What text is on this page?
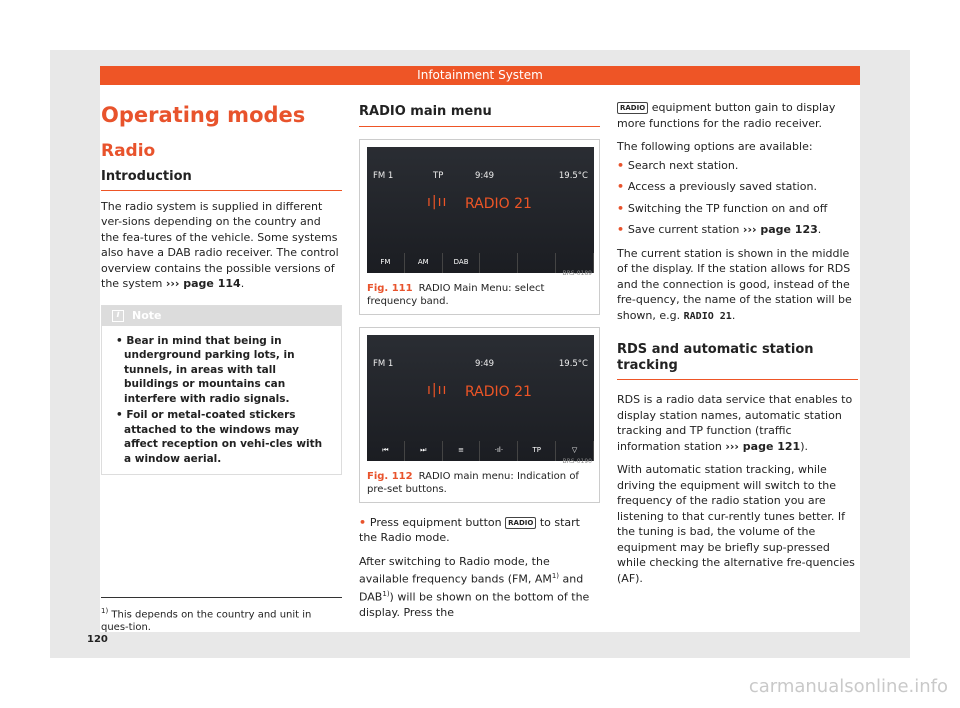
Infotainment System
Operating modes
Radio
Introduction

The radio system is supplied in different ver-sions depending on the country and the fea-tures of the vehicle. Some systems also have a DAB radio receiver. The control overview contains the possible versions of the system ››› page 114.

i	Note
• Bear in mind that being in underground parking lots, in tunnels, in areas with tall buildings or mountains can interfere with radio signals.
• Foil or metal-coated stickers attached to the windows may affect reception on vehi-cles with a window aerial.
RADIO main menu
FM 1	TP	9:49	19.5°C
ı|ıı RADIO 21
FM	AM	DAB
BRS-0189
Fig. 111 RADIO Main Menu: select frequency band.
FM 1	9:49	19.5°C
ı|ıı RADIO 21
⏮	⏭	≡	·ıl·	TP	▽
BRS-0190
Fig. 112 RADIO main menu: Indication of pre-set buttons.

• Press equipment button RADIO to start the Radio mode.

After switching to Radio mode, the available frequency bands (FM, AM$^{1)}$ and DAB$^{1)}$) will be shown on the bottom of the display. Press the

RADIO equipment button gain to display more functions for the radio receiver.

The following options are available:

• Search next station.
• Access a previously saved station.
• Switching the TP function on and off
• Save current station ››› page 123.

The current station is shown in the middle of the display. If the station allows for RDS and the connection is good, instead of the fre-quency, the name of the station will be shown, e.g. RADIO 21.

RDS and automatic station tracking

RDS is a radio data service that enables to display station names, automatic station tracking and TP function (traffic information station ››› page 121).

With automatic station tracking, while driving the equipment will switch to the frequency of the radio station you are listening to that cur-rently tunes better. If the tuning is bad, the volume of the equipment may be briefly sup-pressed while checking the alternative fre-quencies (AF).

$^{1)}$ This depends on the country and unit in ques-tion.
120
carmanualsonline.info
